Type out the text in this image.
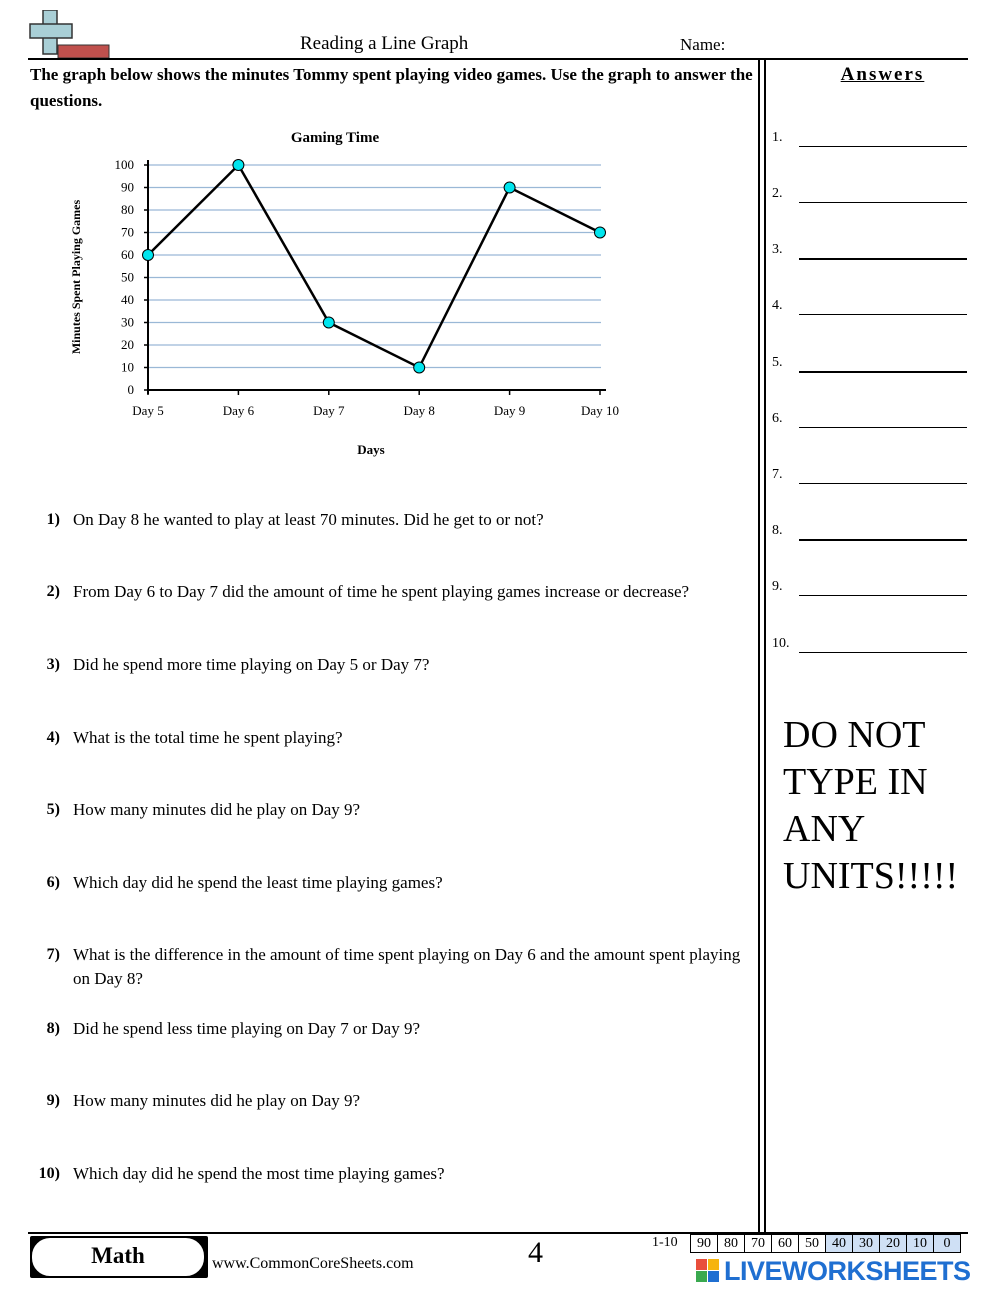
Reading a Line Graph	Name:
The graph below shows the minutes Tommy spent playing video games. Use the graph to answer the questions.
Gaming Time
0
10
20
30
40
50
60
70
80
90
100
Day 5	Day 6	Day 7	Day 8	Day 9	Day 10
Days
Minutes Spent Playing Games
1) On Day 8 he wanted to play at least 70 minutes. Did he get to or not?
2) From Day 6 to Day 7 did the amount of time he spent playing games increase or decrease?
3) Did he spend more time playing on Day 5 or Day 7?
4) What is the total time he spent playing?
5) How many minutes did he play on Day 9?
6) Which day did he spend the least time playing games?
7) What is the difference in the amount of time spent playing on Day 6 and the amount spent playing on Day 8?
8) Did he spend less time playing on Day 7 or Day 9?
9) How many minutes did he play on Day 9?
10) Which day did he spend the most time playing games?
Answers
1.
2.
3.
4.
5.
6.
7.
8.
9.
10.
DO NOT TYPE IN ANY UNITS!!!!!
Math	www.CommonCoreSheets.com	4	1-10 90	80	70	60	50	40	30	20	10	0
LIVEWORKSHEETS
